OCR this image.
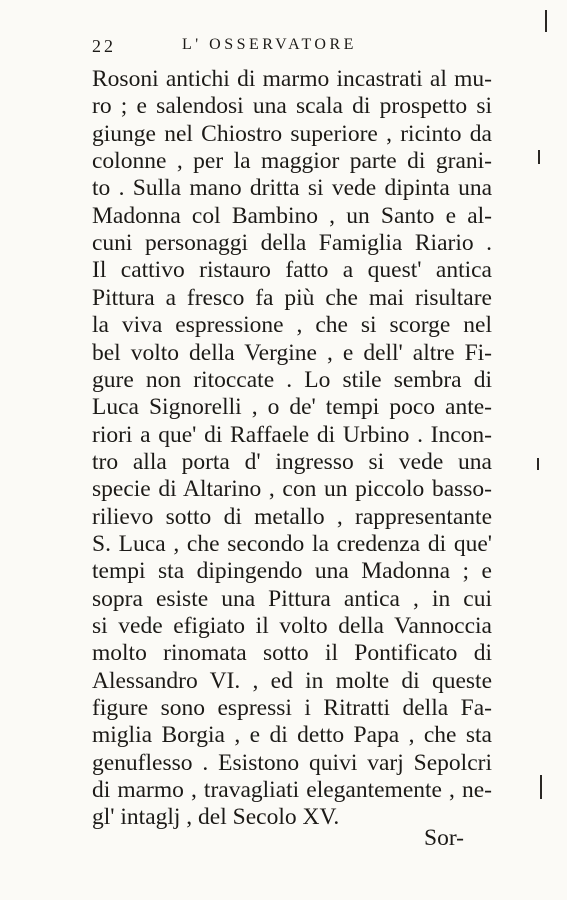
22	L' OSSERVATORE
Rosoni antichi di marmo incastrati al mu-
ro ; e salendosi una scala di prospetto si
giunge nel Chiostro superiore , ricinto da
colonne , per la maggior parte di grani-
to . Sulla mano dritta si vede dipinta una
Madonna col Bambino , un Santo e al-
cuni personaggi della Famiglia Riario .
Il cattivo ristauro fatto a quest' antica
Pittura a fresco fa più che mai risultare
la viva espressione , che si scorge nel
bel volto della Vergine , e dell' altre Fi-
gure non ritoccate . Lo stile sembra di
Luca Signorelli , o de' tempi poco ante-
riori a que' di Raffaele di Urbino . Incon-
tro alla porta d' ingresso si vede una
specie di Altarino , con un piccolo basso-
rilievo sotto di metallo , rappresentante
S. Luca , che secondo la credenza di que'
tempi sta dipingendo una Madonna ; e
sopra esiste una Pittura antica , in cui
si vede efigiato il volto della Vannoccia
molto rinomata sotto il Pontificato di
Alessandro VI. , ed in molte di queste
figure sono espressi i Ritratti della Fa-
miglia Borgia , e di detto Papa , che sta
genuflesso . Esistono quivi varj Sepolcri
di marmo , travagliati elegantemente , ne-
gl' intaglj , del Secolo XV.
Sor-
